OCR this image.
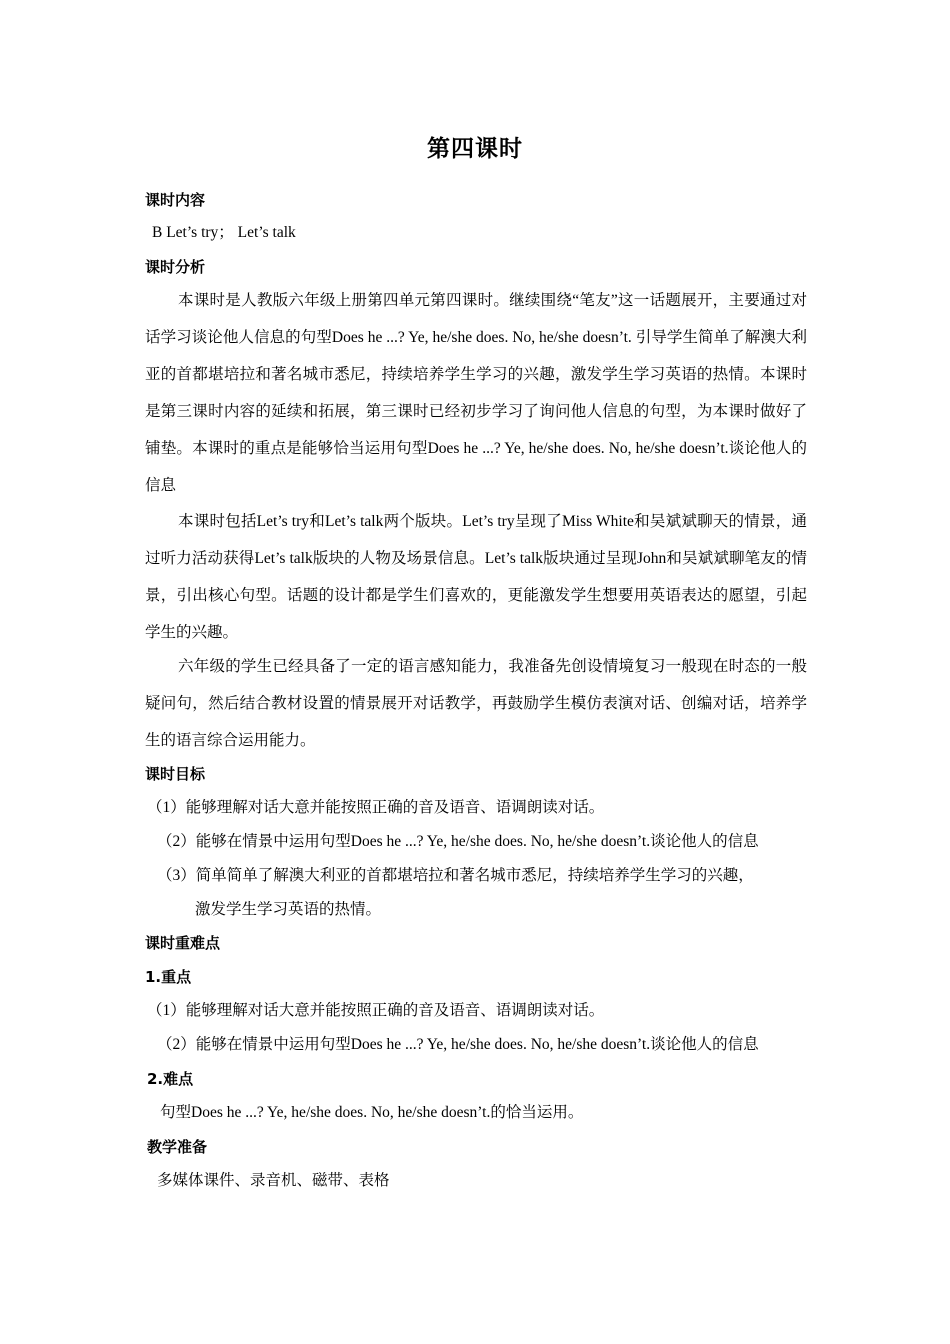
第四课时
课时内容
B Let’s try； Let’s talk
课时分析
本课时是人教版六年级上册第四单元第四课时。继续围绕“笔友”这一话题展开，主要通过对话学习谈论他人信息的句型Does he ...? Ye, he/she does. No, he/she doesn’t. 引导学生简单了解澳大利亚的首都堪培拉和著名城市悉尼，持续培养学生学习的兴趣，激发学生学习英语的热情。本课时是第三课时内容的延续和拓展，第三课时已经初步学习了询问他人信息的句型，为本课时做好了铺垫。本课时的重点是能够恰当运用句型Does he ...? Ye, he/she does. No, he/she doesn’t.谈论他人的信息
本课时包括Let’s try和Let’s talk两个版块。Let’s try呈现了Miss White和吴斌斌聊天的情景，通过听力活动获得Let’s talk版块的人物及场景信息。Let’s talk版块通过呈现John和吴斌斌聊笔友的情景，引出核心句型。话题的设计都是学生们喜欢的，更能激发学生想要用英语表达的愿望，引起学生的兴趣。
六年级的学生已经具备了一定的语言感知能力，我准备先创设情境复习一般现在时态的一般疑问句，然后结合教材设置的情景展开对话教学，再鼓励学生模仿表演对话、创编对话，培养学生的语言综合运用能力。
课时目标
（1）能够理解对话大意并能按照正确的音及语音、语调朗读对话。
（2）能够在情景中运用句型Does he ...? Ye, he/she does. No, he/she doesn’t.谈论他人的信息
（3）简单简单了解澳大利亚的首都堪培拉和著名城市悉尼，持续培养学生学习的兴趣，
激发学生学习英语的热情。
课时重难点
1.重点
（1）能够理解对话大意并能按照正确的音及语音、语调朗读对话。
（2）能够在情景中运用句型Does he ...? Ye, he/she does. No, he/she doesn’t.谈论他人的信息
2.难点
句型Does he ...? Ye, he/she does. No, he/she doesn’t.的恰当运用。
教学准备
多媒体课件、录音机、磁带、表格
